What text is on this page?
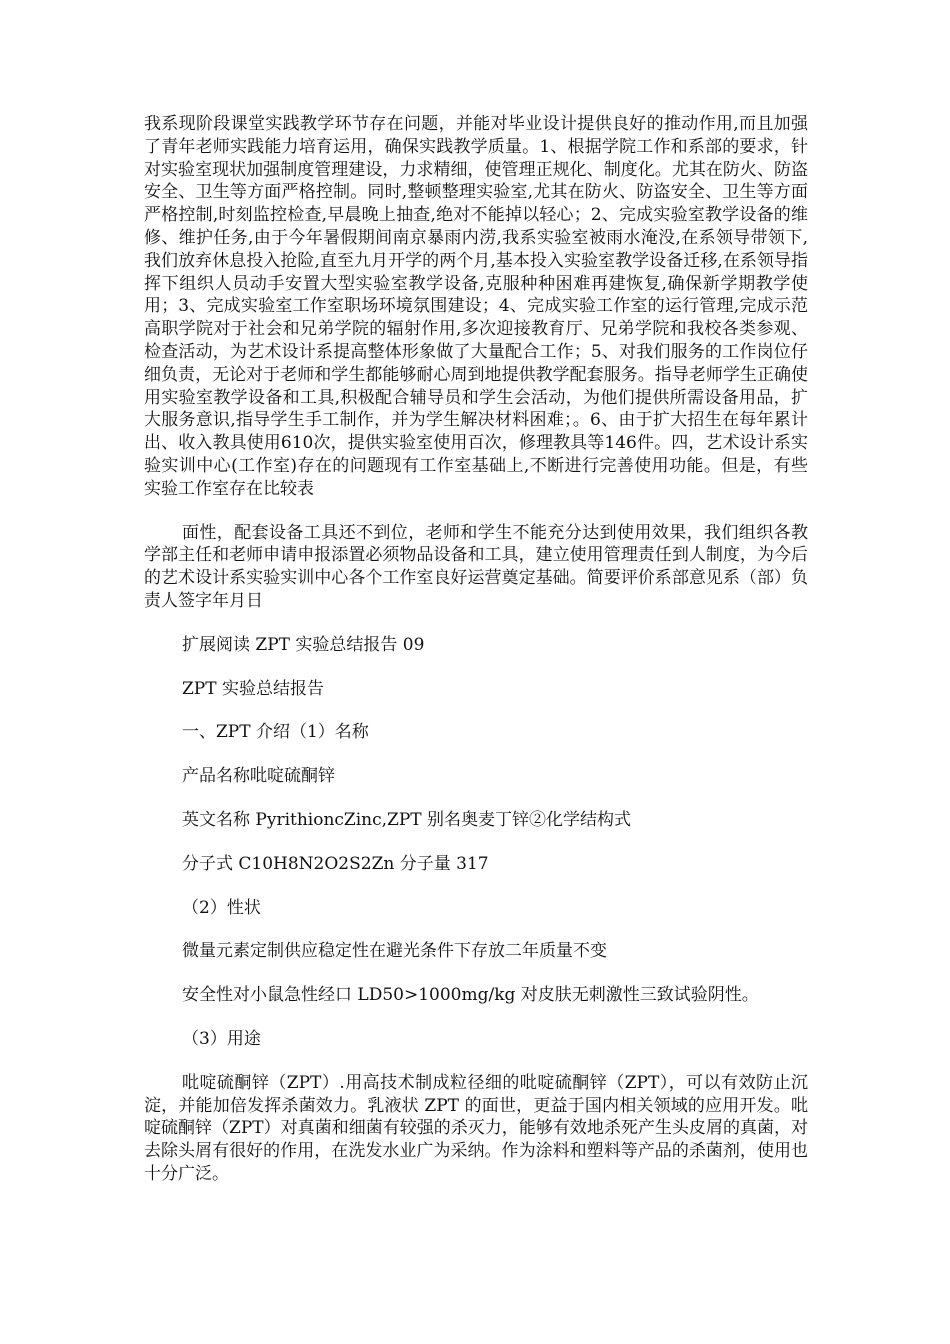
我系现阶段课堂实践教学环节存在问题，并能对毕业设计提供良好的推动作用,而且加强了青年老师实践能力培育运用，确保实践教学质量。1、根据学院工作和系部的要求，针对实验室现状加强制度管理建设，力求精细，使管理正规化、制度化。尤其在防火、防盗安全、卫生等方面严格控制。同时,整顿整理实验室,尤其在防火、防盗安全、卫生等方面严格控制,时刻监控检查,早晨晚上抽查,绝对不能掉以轻心；2、完成实验室教学设备的维修、维护任务,由于今年暑假期间南京暴雨内涝,我系实验室被雨水淹没,在系领导带领下,我们放弃休息投入抢险,直至九月开学的两个月,基本投入实验室教学设备迁移,在系领导指挥下组织人员动手安置大型实验室教学设备,克服种种困难再建恢复,确保新学期教学使用；3、完成实验室工作室职场环境氛围建设；4、完成实验工作室的运行管理,完成示范高职学院对于社会和兄弟学院的辐射作用,多次迎接教育厅、兄弟学院和我校各类参观、检查活动，为艺术设计系提高整体形象做了大量配合工作；5、对我们服务的工作岗位仔细负责，无论对于老师和学生都能够耐心周到地提供教学配套服务。指导老师学生正确使用实验室教学设备和工具,积极配合辅导员和学生会活动，为他们提供所需设备用品，扩大服务意识,指导学生手工制作，并为学生解决材料困难；。6、由于扩大招生在每年累计出、收入教具使用610次，提供实验室使用百次，修理教具等146件。四，艺术设计系实验实训中心(工作室)存在的问题现有工作室基础上,不断进行完善使用功能。但是，有些实验工作室存在比较表

面性，配套设备工具还不到位，老师和学生不能充分达到使用效果，我们组织各教学部主任和老师申请申报添置必须物品设备和工具，建立使用管理责任到人制度，为今后的艺术设计系实验实训中心各个工作室良好运营奠定基础。简要评价系部意见系（部）负责人签字年月日

扩展阅读 ZPT 实验总结报告 09

ZPT 实验总结报告

一、ZPT 介绍（1）名称

产品名称吡啶硫酮锌

英文名称 PyrithioncZinc,ZPT 别名奥麦丁锌②化学结构式

分子式 C10H8N2O2S2Zn 分子量 317

（2）性状

微量元素定制供应稳定性在避光条件下存放二年质量不变

安全性对小鼠急性经口 LD50>1000mg/kg 对皮肤无刺激性三致试验阴性。

（3）用途

吡啶硫酮锌（ZPT）.用高技术制成粒径细的吡啶硫酮锌（ZPT），可以有效防止沉淀，并能加倍发挥杀菌效力。乳液状 ZPT 的面世，更益于国内相关领域的应用开发。吡啶硫酮锌（ZPT）对真菌和细菌有较强的杀灭力，能够有效地杀死产生头皮屑的真菌，对去除头屑有很好的作用，在洗发水业广为采纳。作为涂料和塑料等产品的杀菌剂，使用也十分广泛。
